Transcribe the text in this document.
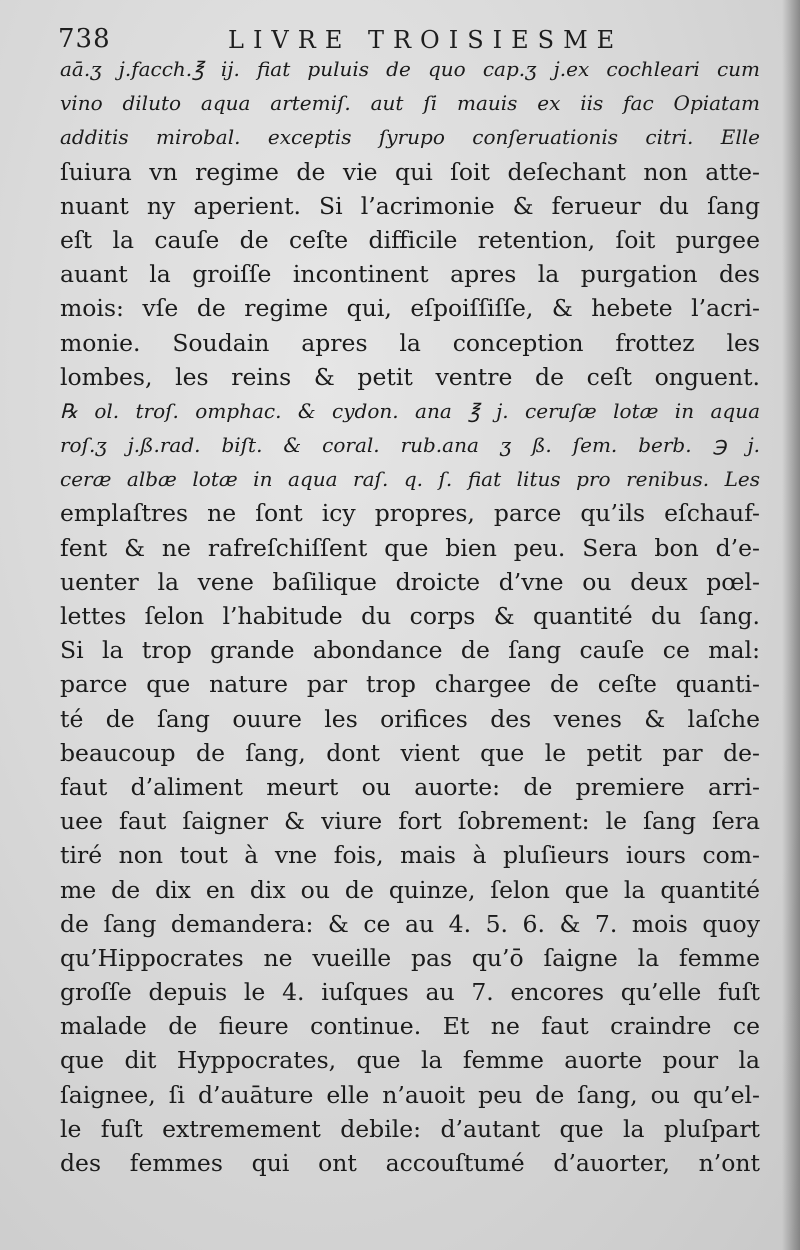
738	LIVRE TROISIESME
aā.ʒ j.facch.℥ ij. fiat puluis de quo cap.ʒ j.ex cochleari cum
vino diluto aqua artemiſ. aut ſi mauis ex iis fac Opiatam
additis mirobal. exceptis ſyrupo conſeruationis citri. Elle
ſuiura vn regime de vie qui ſoit deſechant non atte-
nuant ny aperient. Si l’acrimonie & ferueur du ſang
eſt la cauſe de ceſte difficile retention, ſoit purgee
auant la groiſſe incontinent apres la purgation des
mois: vſe de regime qui, eſpoiſſiſſe, & hebete l’acri-
monie. Soudain apres la conception frottez les
lombes, les reins & petit ventre de ceſt onguent.
℞ ol. troſ. omphac. & cydon. ana ℥ j. ceruſæ lotæ in aqua
roſ.ʒ j.ß.rad. biſt. & coral. rub.ana ʒ ß. ſem. berb. ℈ j.
ceræ albæ lotæ in aqua raſ. q. ſ. fiat litus pro renibus. Les
emplaſtres ne ſont icy propres, parce qu’ils eſchauf-
fent & ne rafreſchiſſent que bien peu. Sera bon d’e-
uenter la vene baſilique droicte d’vne ou deux pœl-
lettes ſelon l’habitude du corps & quantité du ſang.
Si la trop grande abondance de ſang cauſe ce mal:
parce que nature par trop chargee de ceſte quanti-
té de ſang ouure les orifices des venes & laſche
beaucoup de ſang, dont vient que le petit par de-
faut d’aliment meurt ou auorte: de premiere arri-
uee faut ſaigner & viure fort ſobrement: le ſang ſera
tiré non tout à vne fois, mais à pluſieurs iours com-
me de dix en dix ou de quinze, ſelon que la quantité
de ſang demandera: & ce au 4. 5. 6. & 7. mois quoy
qu’Hippocrates ne vueille pas qu’ō ſaigne la femme
groſſe depuis le 4. iuſques au 7. encores qu’elle fuſt
malade de fieure continue. Et ne faut craindre ce
que dit Hyppocrates, que la femme auorte pour la
ſaignee, ſi d’auāture elle n’auoit peu de ſang, ou qu’el-
le fuſt extremement debile: d’autant que la pluſpart
des femmes qui ont accouſtumé d’auorter, n’ont
